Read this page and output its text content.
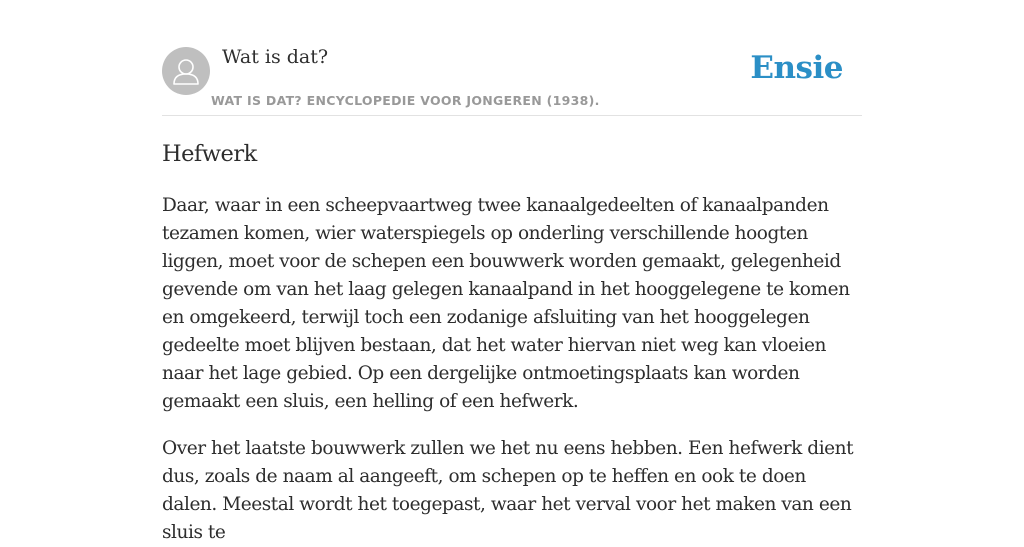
Wat is dat?
WAT IS DAT? ENCYCLOPEDIE VOOR JONGEREN (1938).
Ensie
Hefwerk

Daar, waar in een scheepvaartweg twee kanaalgedeelten of kanaalpanden tezamen komen, wier waterspiegels op onderling verschillende hoogten liggen, moet voor de schepen een bouwwerk worden gemaakt, gelegenheid gevende om van het laag gelegen kanaalpand in het hooggelegene te komen en omgekeerd, terwijl toch een zodanige afsluiting van het hooggelegen gedeelte moet blijven bestaan, dat het water hiervan niet weg kan vloeien naar het lage gebied. Op een dergelijke ontmoetingsplaats kan worden gemaakt een sluis, een helling of een hefwerk.

Over het laatste bouwwerk zullen we het nu eens hebben. Een hefwerk dient dus, zoals de naam al aangeeft, om schepen op te heffen en ook te doen dalen. Meestal wordt het toegepast, waar het verval voor het maken van een sluis te
